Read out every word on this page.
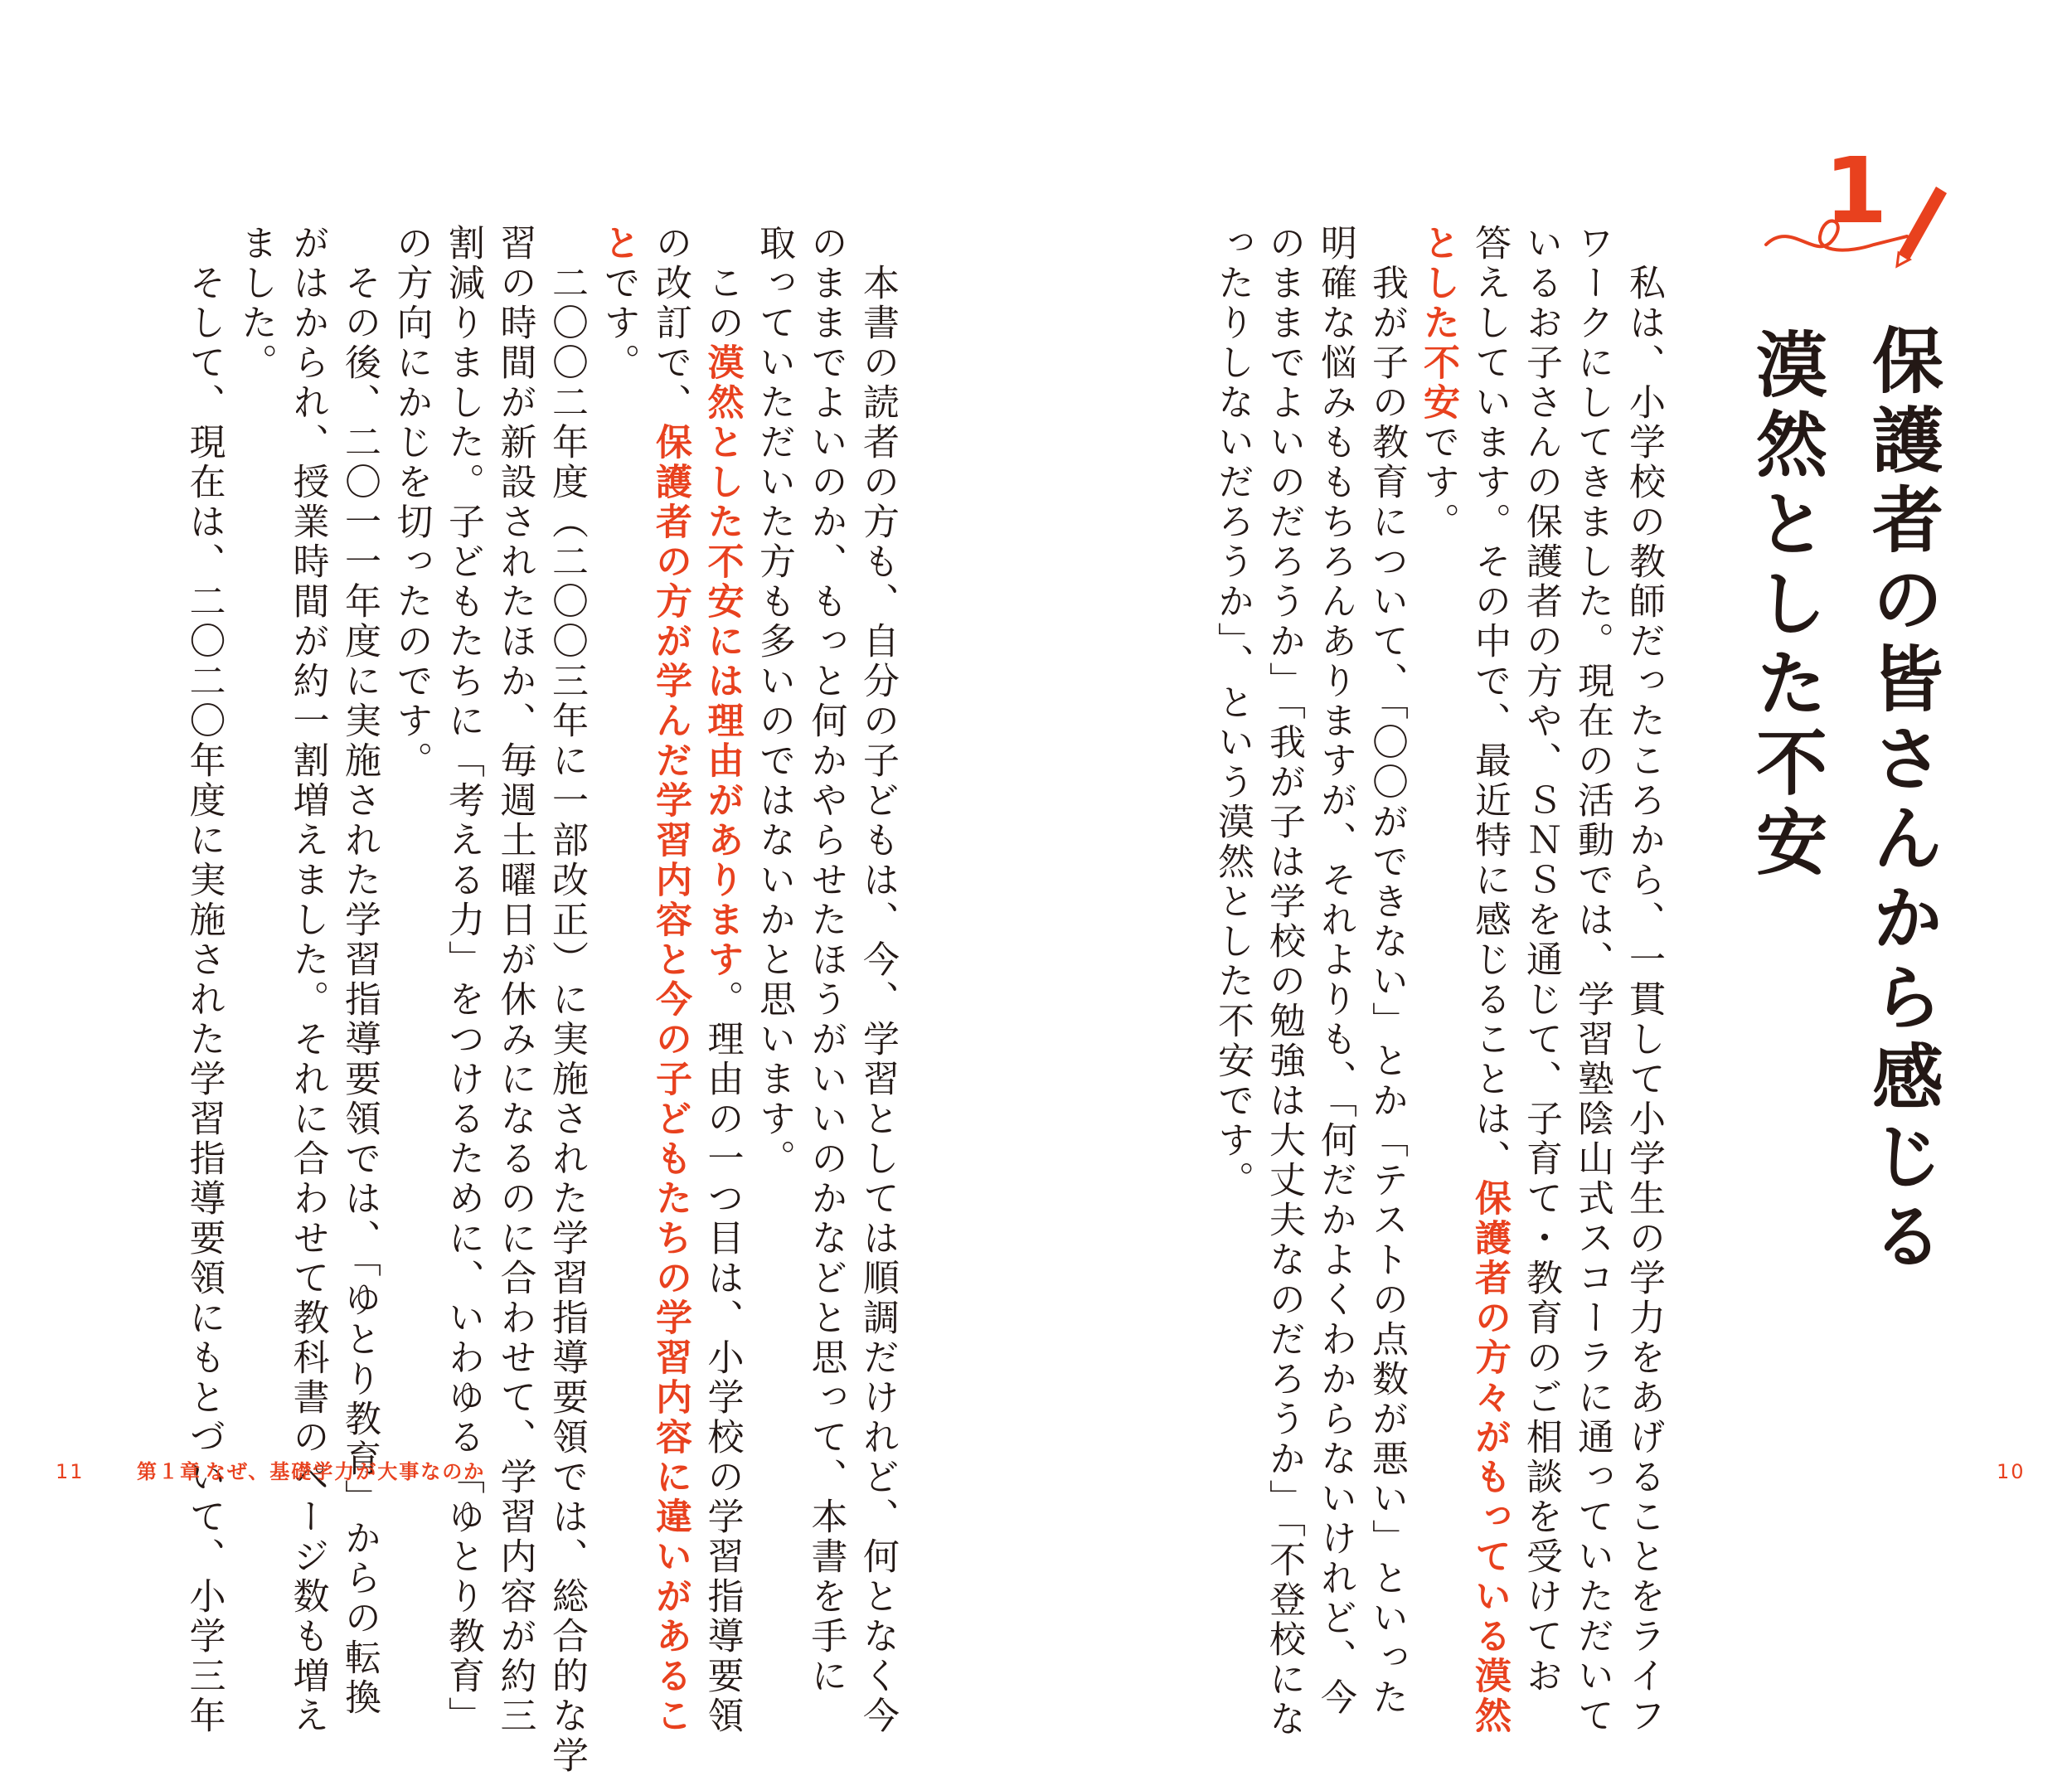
1
保護者の皆さんから感じる
漠然とした不安
　私は、小学校の教師だったころから、一貫して小学生の学力をあげることをライフ
ワークにしてきました。現在の活動では、学習塾陰山式スコーラに通っていただいて
いるお子さんの保護者の方や、ＳＮＳを通じて、子育て・教育のご相談を受けてお
答えしています。その中で、最近特に感じることは、保護者の方々がもっている漠然
とした不安です。
　我が子の教育について、「〇〇ができない」とか「テストの点数が悪い」といった
明確な悩みももちろんありますが、それよりも、「何だかよくわからないけれど、今
のままでよいのだろうか」「我が子は学校の勉強は大丈夫なのだろうか」「不登校にな
ったりしないだろうか」、という漠然とした不安です。
　本書の読者の方も、自分の子どもは、今、学習としては順調だけれど、何となく今
のままでよいのか、もっと何かやらせたほうがいいのかなどと思って、本書を手に
取っていただいた方も多いのではないかと思います。
　この漠然とした不安には理由があります。理由の一つ目は、小学校の学習指導要領
の改訂で、保護者の方が学んだ学習内容と今の子どもたちの学習内容に違いがあるこ
とです。
　二〇〇二年度（二〇〇三年に一部改正）に実施された学習指導要領では、総合的な学
習の時間が新設されたほか、毎週土曜日が休みになるのに合わせて、学習内容が約三
割減りました。子どもたちに「考える力」をつけるために、いわゆる「ゆとり教育」
の方向にかじを切ったのです。
　その後、二〇一一年度に実施された学習指導要領では、「ゆとり教育」からの転換
がはかられ、授業時間が約一割増えました。それに合わせて教科書のページ数も増え
ました。
　そして、現在は、二〇二〇年度に実施された学習指導要領にもとづいて、小学三年
11	第１章 なぜ、基礎学力が大事なのか	10
